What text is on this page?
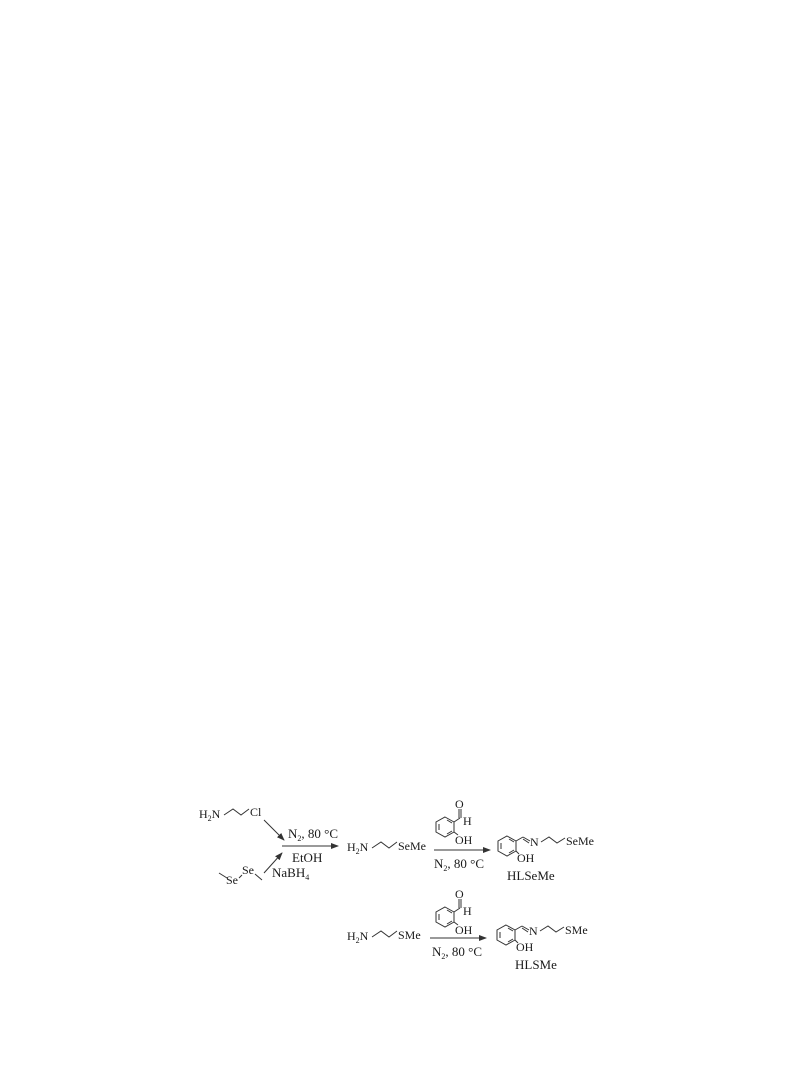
$H_2N$ Cl
Se
Se
$N_2$, 80 °C
EtOH
NaBH$_4$
$H_2N$ SeMe
O
H
OH
$N_2$, 80 °C
N SeMe
OH
HLSeMe
$H_2N$ SMe
O
H
OH
$N_2$, 80 °C
N SMe
OH
HLSMe
